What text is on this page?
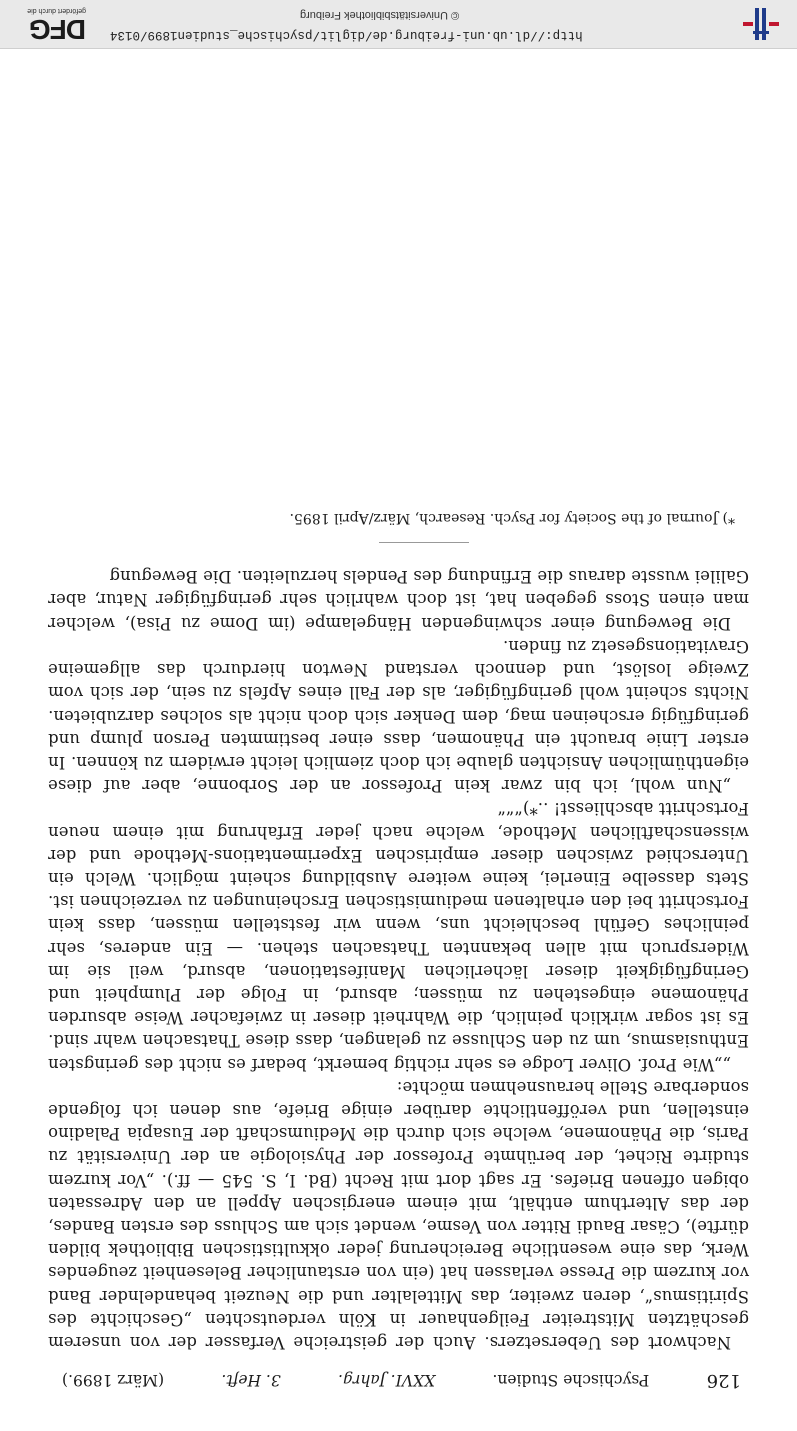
DFG
gefördert durch die
http://dl.ub.uni-freiburg.de/diglit/psychische_studien1899/0134
© Universitätsbibliothek Freiburg
126
Psychische Studien.
XXVI. Jahrg.
3. Heft.
(März 1899.)

Nachwort des Uebersetzers. Auch der geistreiche Verfasser der von unserem geschätzten Mitstreiter Feilgenhauer in Köln verdeutschten „Geschichte des Spiritismus“, deren zweiter, das Mittelalter und die Neuzeit behandelnder Band vor kurzem die Presse verlassen hat (ein von erstaunlicher Belesenheit zeugendes Werk, das eine wesentliche Bereicherung jeder okkultistischen Bibliothek bilden dürfte), Cäsar Baudi Ritter von Vesme, wendet sich am Schluss des ersten Bandes, der das Alterthum enthält, mit einem energischen Appell an den Adressaten obigen offenen Briefes. Er sagt dort mit Recht (Bd. I, S. 545 — ff.). „Vor kurzem studirte Richet, der berühmte Professor der Physiologie an der Universität zu Paris, die Phänomene, welche sich durch die Mediumschaft der Eusapia Paladino einstellen, und veröffentlichte darüber einige Briefe, aus denen ich folgende sonderbare Stelle herausnehmen möchte:

„„Wie Prof. Oliver Lodge es sehr richtig bemerkt, bedarf es nicht des geringsten Enthusiasmus, um zu den Schlusse zu gelangen, dass diese Thatsachen wahr sind. Es ist sogar wirklich peinlich, die Wahrheit dieser in zwiefacher Weise absurden Phänomene eingestehen zu müssen; absurd, in Folge der Plumpheit und Geringfügigkeit dieser lächerlichen Manifestationen, absurd, weil sie im Widerspruch mit allen bekannten Thatsachen stehen. — Ein anderes, sehr peinliches Gefühl beschleicht uns, wenn wir feststellen müssen, dass kein Fortschritt bei den erhaltenen mediumistischen Erscheinungen zu verzeichnen ist. Stets dasselbe Einerlei, keine weitere Ausbildung scheint möglich. Welch ein Unterschied zwischen dieser empirischen Experimentations-Methode und der wissenschaftlichen Methode, welche nach jeder Erfahrung mit einem neuen Fortschritt abschliesst! ..*)“““

„Nun wohl, ich bin zwar kein Professor an der Sorbonne, aber auf diese eigenthümlichen Ansichten glaube ich doch ziemlich leicht erwidern zu können. In erster Linie braucht ein Phänomen, dass einer bestimmten Person plump und geringfügig erscheinen mag, dem Denker sich doch nicht als solches darzubieten. Nichts scheint wohl geringfügiger, als der Fall eines Apfels zu sein, der sich vom Zweige loslöst, und dennoch verstand Newton hierdurch das allgemeine Gravitationsgesetz zu finden.

Die Bewegung einer schwingenden Hängelampe (im Dome zu Pisa), welcher man einen Stoss gegeben hat, ist doch wahrlich sehr geringfügiger Natur, aber Galilei wusste daraus die Erfindung des Pendels herzuleiten. Die Bewegung

*) Journal of the Society for Psych. Research, März/April 1895.
